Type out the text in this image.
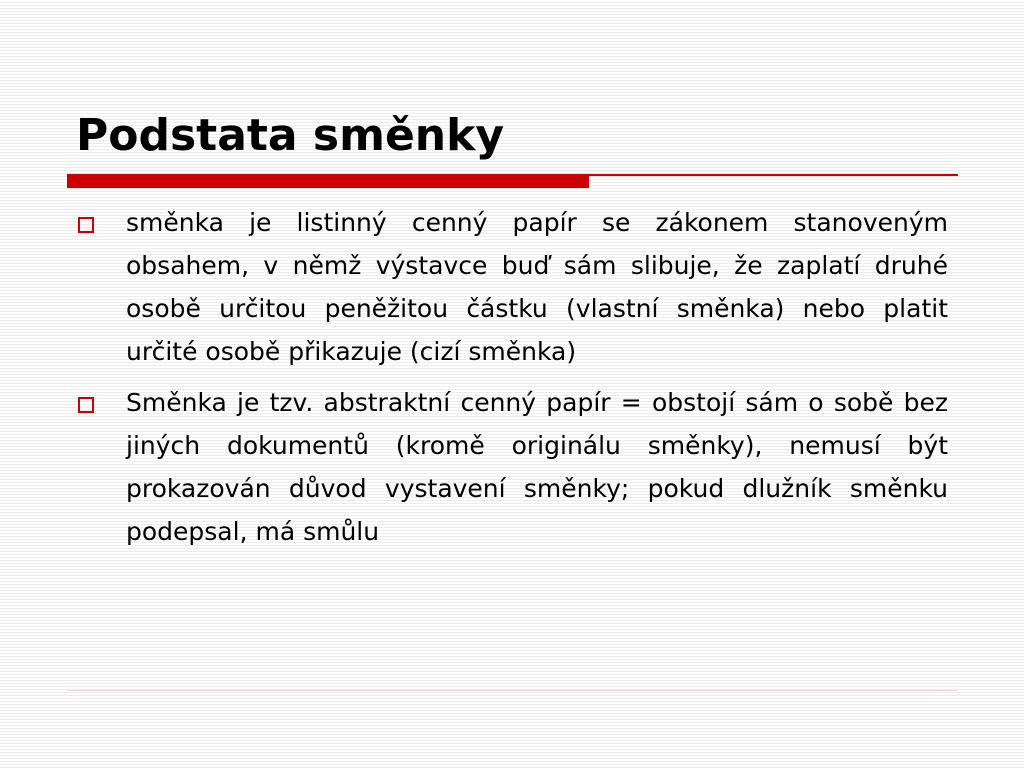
Podstata směnky
směnka je listinný cenný papír se zákonem stanoveným obsahem, v němž výstavce buď sám slibuje, že zaplatí druhé osobě určitou peněžitou částku (vlastní směnka) nebo platit určité osobě přikazuje (cizí směnka)
Směnka je tzv. abstraktní cenný papír = obstojí sám o sobě bez jiných dokumentů (kromě originálu směnky), nemusí být prokazován důvod vystavení směnky; pokud dlužník směnku podepsal, má smůlu
